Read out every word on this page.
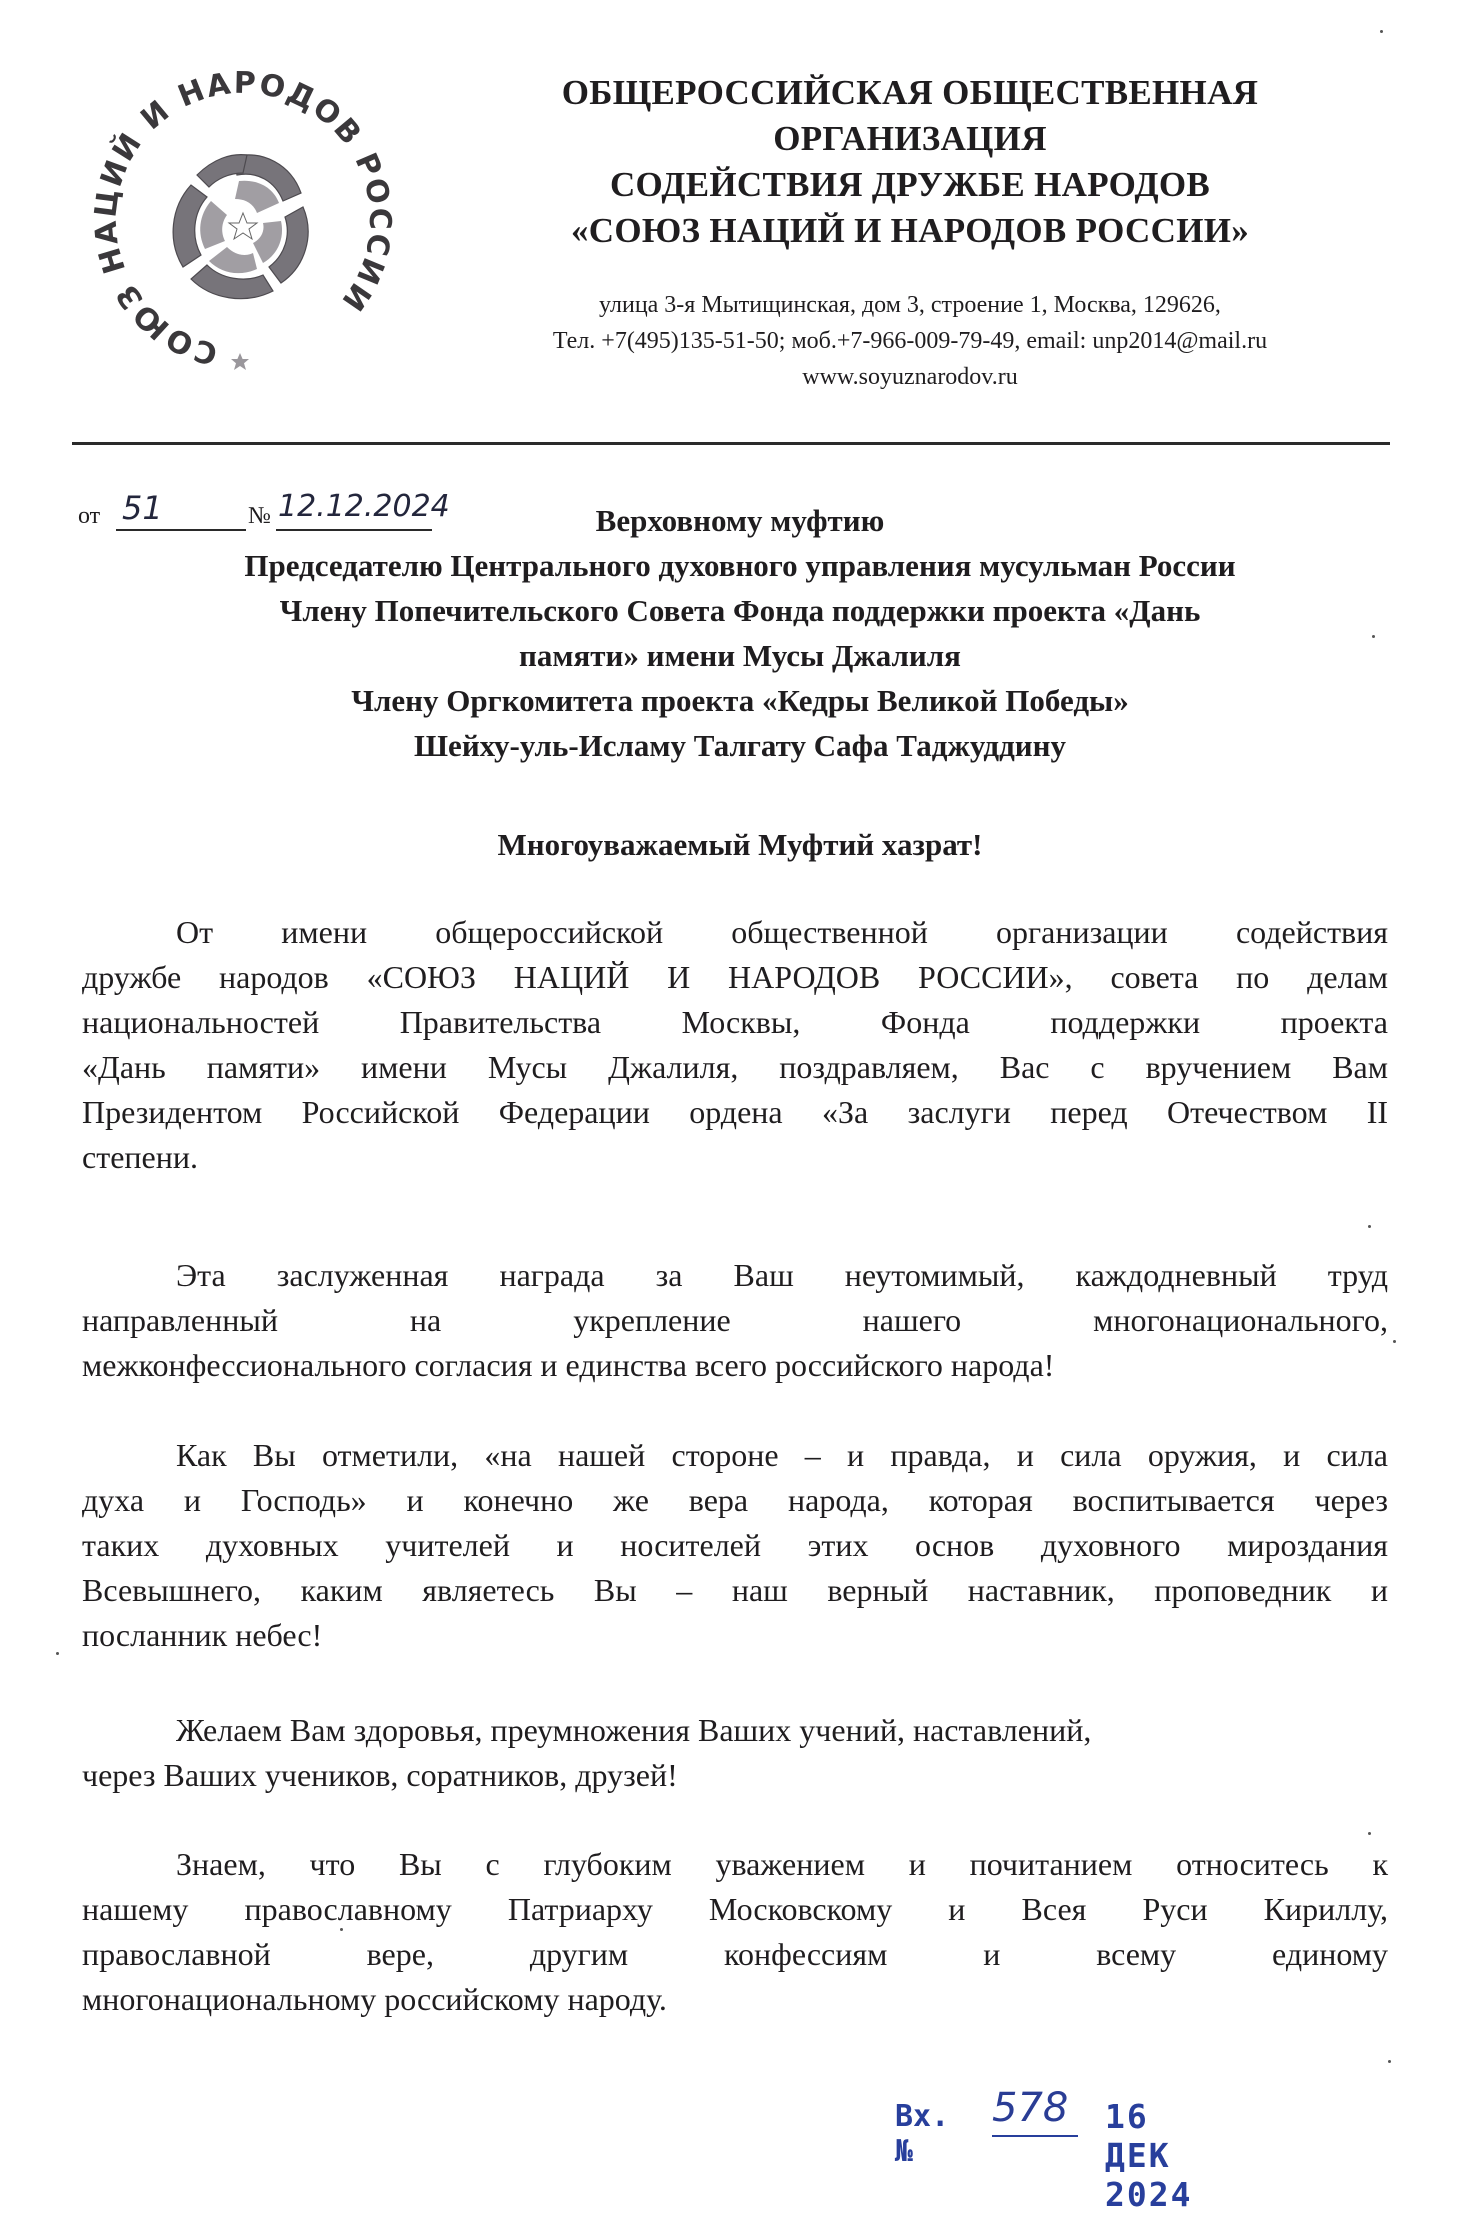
СОЮЗ НАЦИЙ И НАРОДОВ РОССИИ
ОБЩЕРОССИЙСКАЯ ОБЩЕСТВЕННАЯ
ОРГАНИЗАЦИЯ
СОДЕЙСТВИЯ ДРУЖБЕ НАРОДОВ
«СОЮЗ НАЦИЙ И НАРОДОВ РОССИИ»
улица 3-я Мытищинская, дом 3, строение 1, Москва, 129626,
Тел. +7(495)135-51-50; моб.+7-966-009-79-49, email: unp2014@mail.ru
www.soyuznarodov.ru
от 51	№ 12.12.2024	Верховному муфтию
Председателю Центрального духовного управления мусульман России
Члену Попечительского Совета Фонда поддержки проекта «Дань
памяти» имени Мусы Джалиля
Члену Оргкомитета проекта «Кедры Великой Победы»
Шейху-уль-Исламу Талгату Сафа Таджуддину
Многоуважаемый Муфтий хазрат!
От имени общероссийской общественной организации содействия
дружбе народов «СОЮЗ НАЦИЙ И НАРОДОВ РОССИИ», совета по делам
национальностей Правительства Москвы, Фонда поддержки проекта
«Дань памяти» имени Мусы Джалиля, поздравляем, Вас с вручением Вам
Президентом Российской Федерации ордена «За заслуги перед Отечеством II
степени.
Эта заслуженная награда за Ваш неутомимый, каждодневный труд
направленный на укрепление нашего многонационального,
межконфессионального согласия и единства всего российского народа!
Как Вы отметили, «на нашей стороне – и правда, и сила оружия, и сила
духа и Господь» и конечно же вера народа, которая воспитывается через
таких духовных учителей и носителей этих основ духовного мироздания
Всевышнего, каким являетесь Вы – наш верный наставник, проповедник и
посланник небес!
Желаем Вам здоровья, преумножения Ваших учений, наставлений,
через Ваших учеников, соратников, друзей!
Знаем, что Вы с глубоким уважением и почитанием относитесь к
нашему православному Патриарху Московскому и Всея Руси Кириллу,
православной вере, другим конфессиям и всему единому
многонациональному российскому народу.
Вх.№
578 16 ДЕК 2024
